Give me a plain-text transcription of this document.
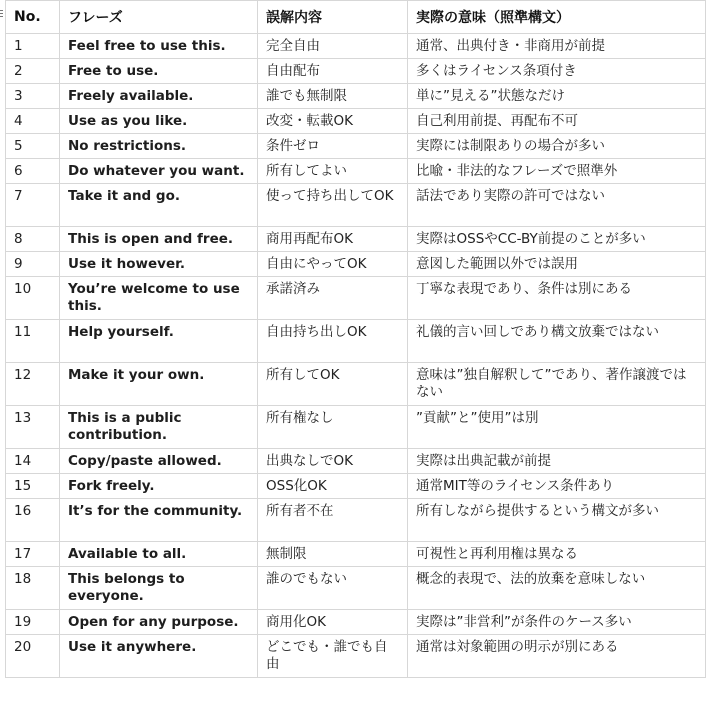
No.	フレーズ	誤解内容	実際の意味（照準構文）
1	Feel free to use this.	完全自由	通常、出典付き・非商用が前提
2	Free to use.	自由配布	多くはライセンス条項付き
3	Freely available.	誰でも無制限	単に”見える”状態なだけ
4	Use as you like.	改変・転載OK	自己利用前提、再配布不可
5	No restrictions.	条件ゼロ	実際には制限ありの場合が多い
6	Do whatever you want.	所有してよい	比喩・非法的なフレーズで照準外
7	Take it and go.	使って持ち出してOK	話法であり実際の許可ではない
8	This is open and free.	商用再配布OK	実際はOSSやCC-BY前提のことが多い
9	Use it however.	自由にやってOK	意図した範囲以外では誤用
10	You’re welcome to use this.	承諾済み	丁寧な表現であり、条件は別にある
11	Help yourself.	自由持ち出しOK	礼儀的言い回しであり構文放棄ではない
12	Make it your own.	所有してOK	意味は”独自解釈して”であり、著作譲渡ではない
13	This is a public contribution.	所有権なし	”貢献”と”使用”は別
14	Copy/paste allowed.	出典なしでOK	実際は出典記載が前提
15	Fork freely.	OSS化OK	通常MIT等のライセンス条件あり
16	It’s for the community.	所有者不在	所有しながら提供するという構文が多い
17	Available to all.	無制限	可視性と再利用権は異なる
18	This belongs to everyone.	誰のでもない	概念的表現で、法的放棄を意味しない
19	Open for any purpose.	商用化OK	実際は”非営利”が条件のケース多い
20	Use it anywhere.	どこでも・誰でも自由	通常は対象範囲の明示が別にある
